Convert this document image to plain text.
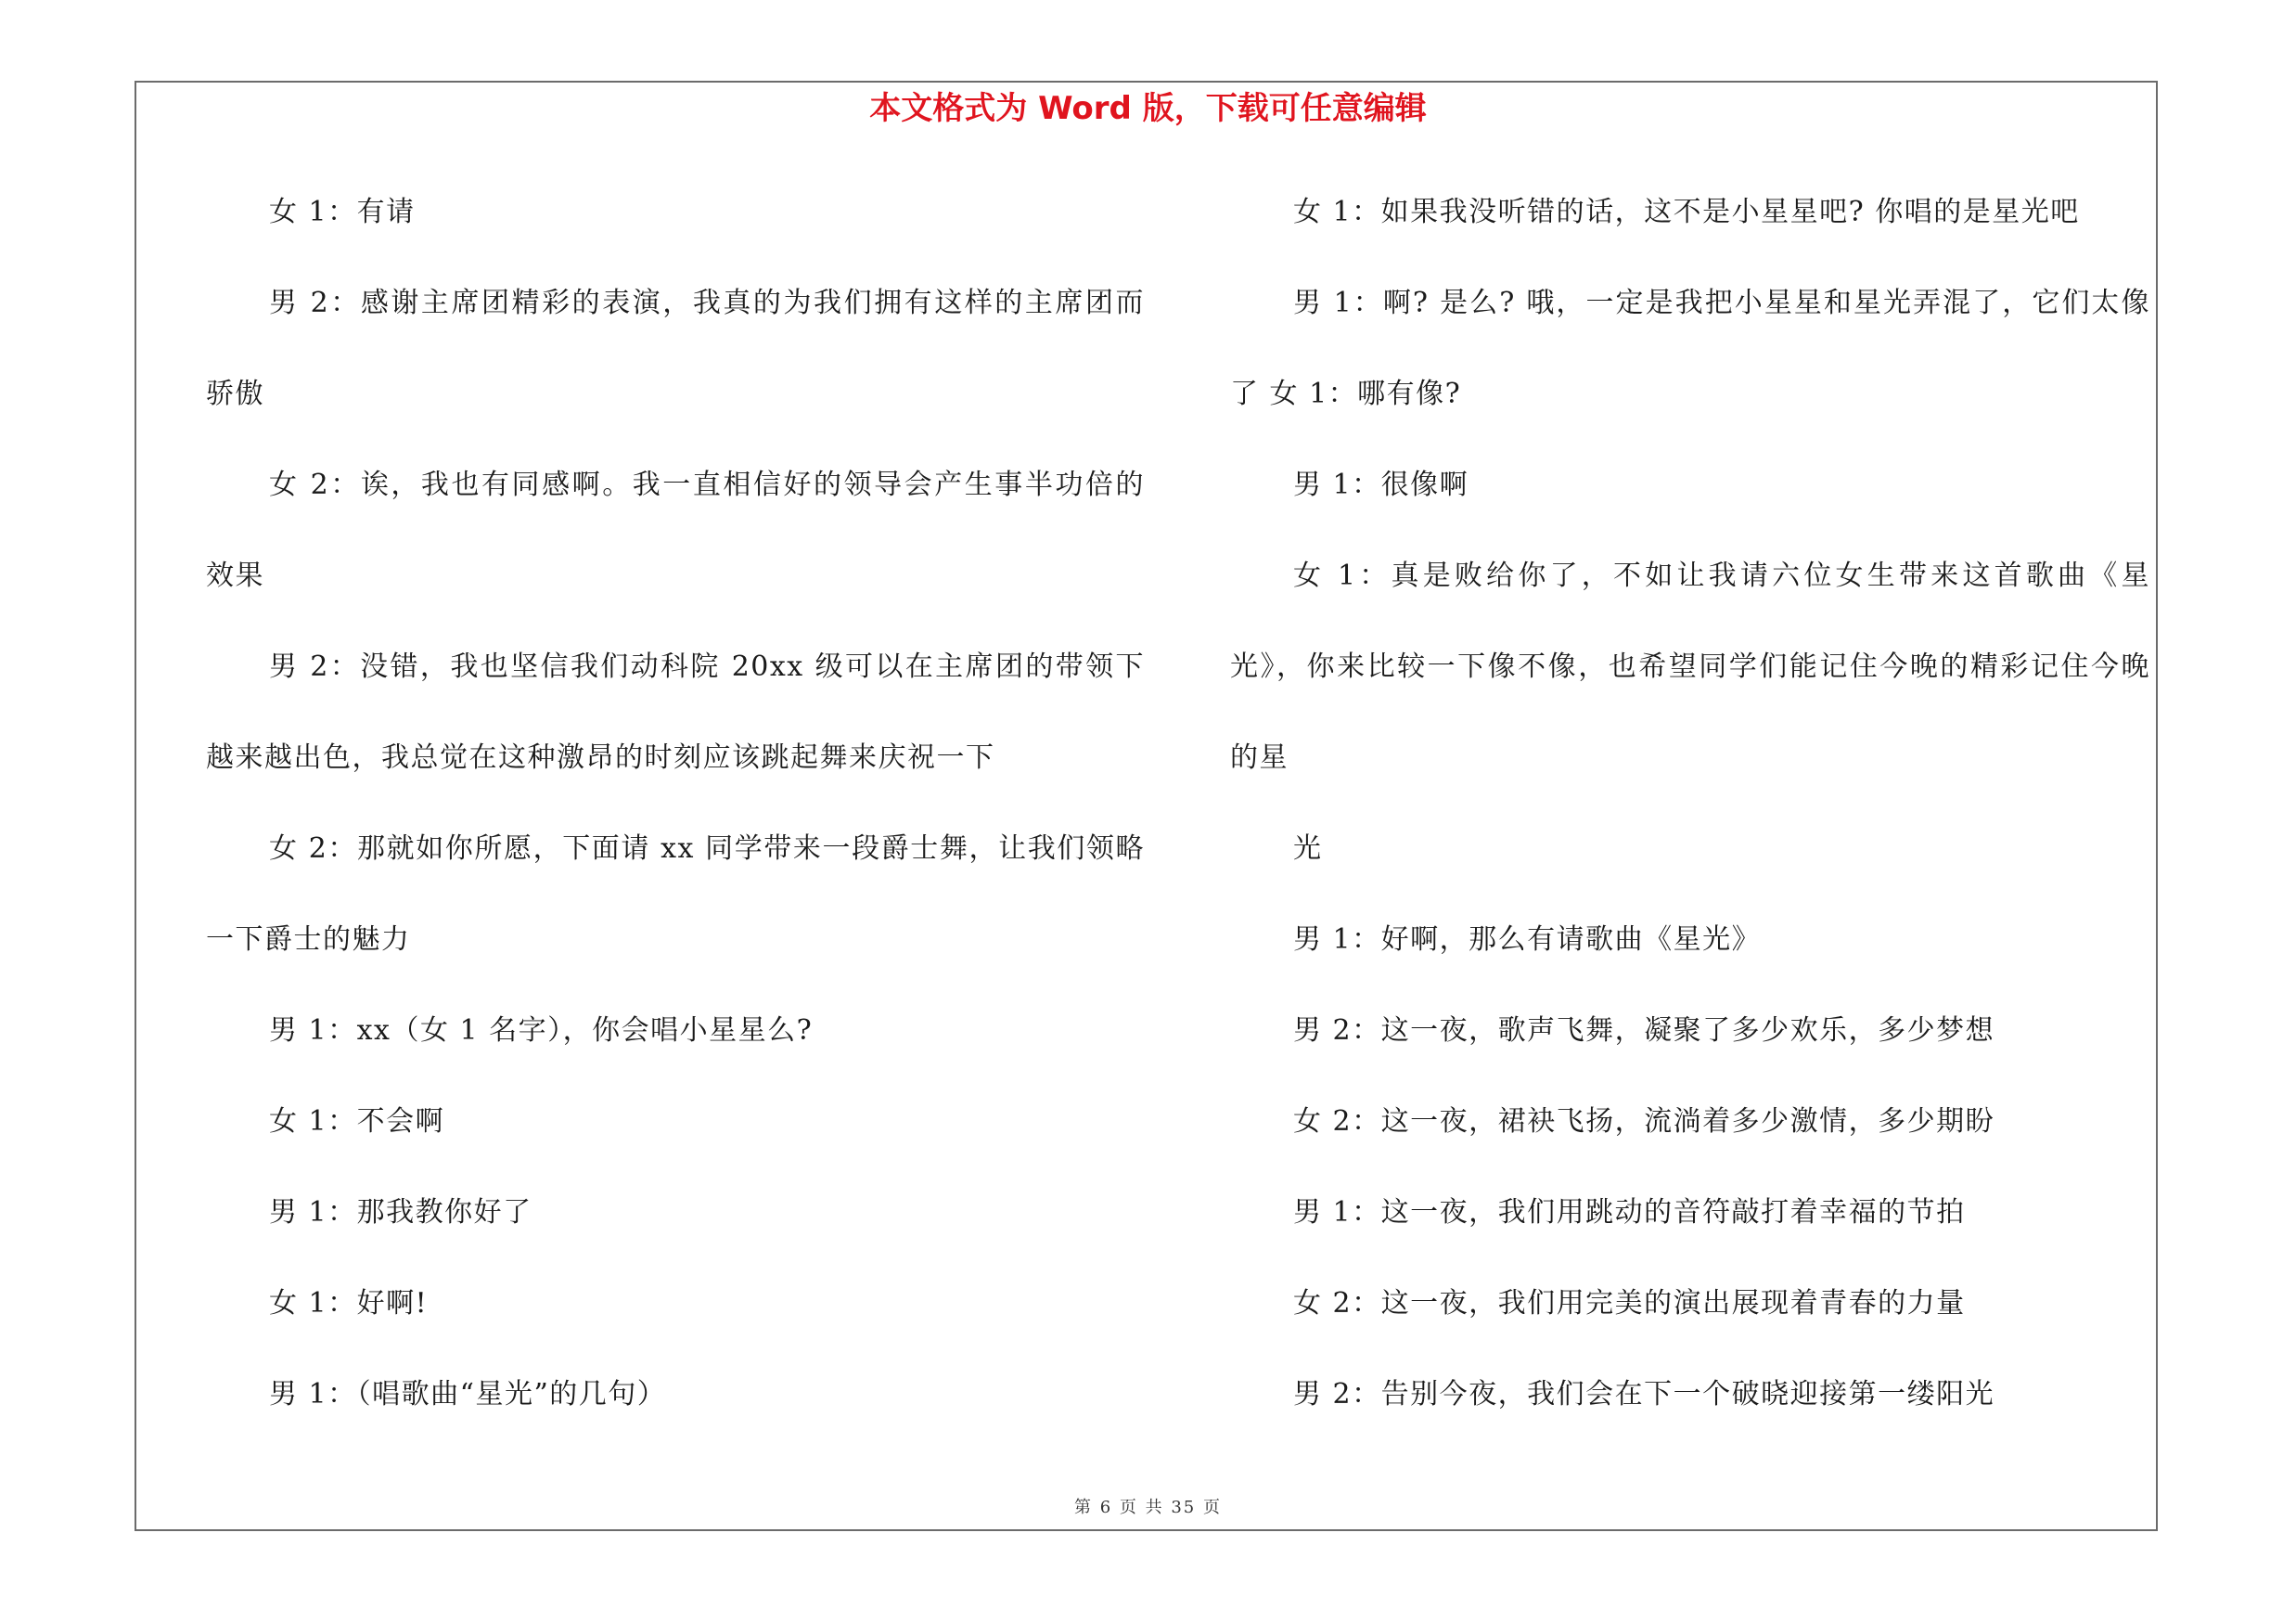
本文格式为 Word 版，下载可任意编辑

女 1：有请

男 2：感谢主席团精彩的表演，我真的为我们拥有这样的主席团而骄傲

女 2：诶，我也有同感啊。我一直相信好的领导会产生事半功倍的效果

男 2：没错，我也坚信我们动科院 20xx 级可以在主席团的带领下越来越出色，我总觉在这种激昂的时刻应该跳起舞来庆祝一下

女 2：那就如你所愿，下面请 xx 同学带来一段爵士舞，让我们领略一下爵士的魅力

男 1：xx（女 1 名字），你会唱小星星么?

女 1：不会啊

男 1：那我教你好了

女 1：好啊!

男 1：（唱歌曲“星光”的几句）

女 1：如果我没听错的话，这不是小星星吧? 你唱的是星光吧

男 1：啊? 是么? 哦，一定是我把小星星和星光弄混了，它们太像了 女 1：哪有像?

男 1：很像啊

女 1：真是败给你了，不如让我请六位女生带来这首歌曲《星光》，你来比较一下像不像，也希望同学们能记住今晚的精彩记住今晚的星

光

男 1：好啊，那么有请歌曲《星光》

男 2：这一夜，歌声飞舞，凝聚了多少欢乐，多少梦想

女 2：这一夜，裙袂飞扬，流淌着多少激情，多少期盼

男 1：这一夜，我们用跳动的音符敲打着幸福的节拍

女 2：这一夜，我们用完美的演出展现着青春的力量

男 2：告别今夜，我们会在下一个破晓迎接第一缕阳光

第 6 页 共 35 页
